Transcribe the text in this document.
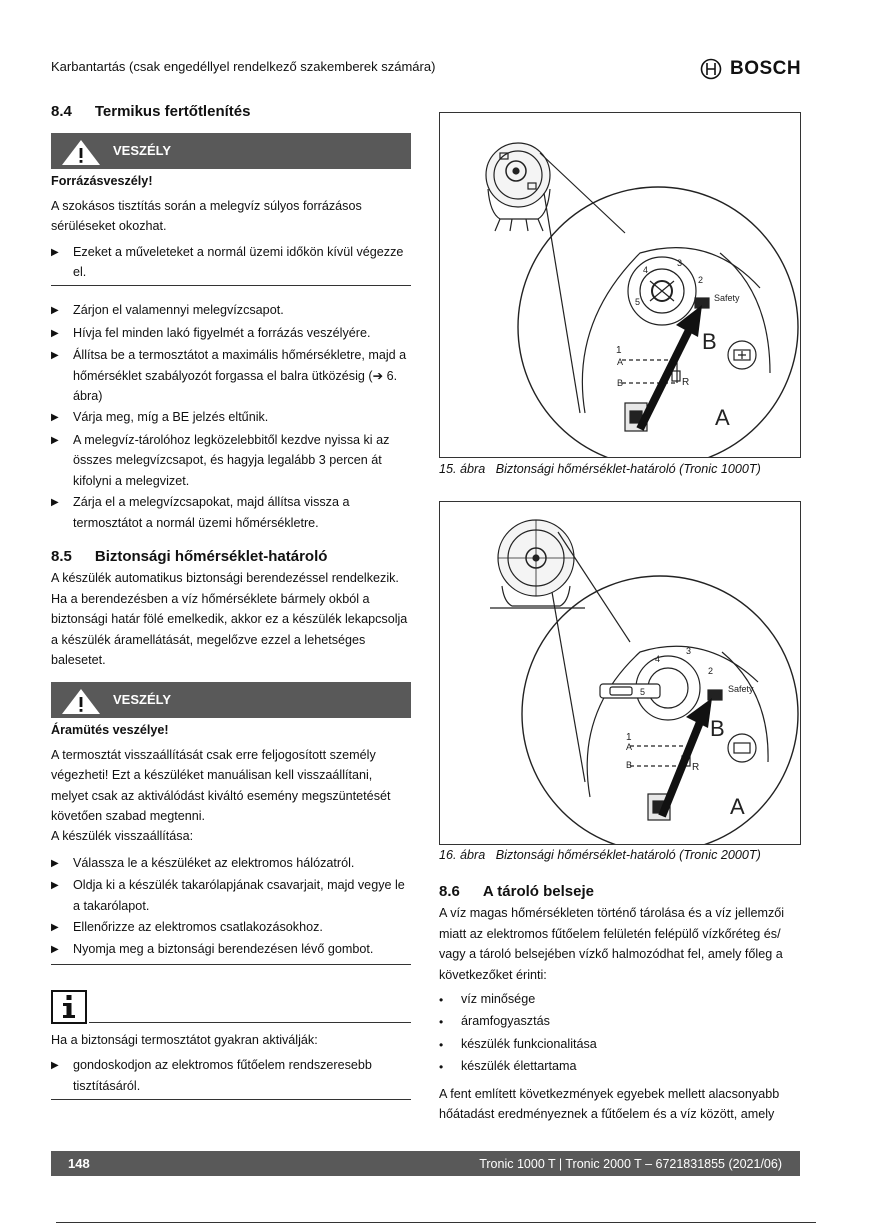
Karbantartás (csak engedéllyel rendelkező szakemberek számára)	BOSCH
8.4 Termikus fertőtlenítés
VESZÉLY

Forrázásveszély!

A szokásos tisztítás során a melegvíz súlyos forrázásos sérüléseket okozhat.

▶	Ezeket a műveleteket a normál üzemi időkön kívül végezze el.
▶	Zárjon el valamennyi melegvízcsapot.
▶	Hívja fel minden lakó figyelmét a forrázás veszélyére.
▶	Állítsa be a termosztátot a maximális hőmérsékletre, majd a hőmérséklet szabályozót forgassa el balra ütközésig (➔ 6. ábra)
▶	Várja meg, míg a BE jelzés eltűnik.
▶	A melegvíz-tárolóhoz legközelebbitől kezdve nyissa ki az összes melegvízcsapot, és hagyja legalább 3 percen át kifolyni a melegvizet.
▶	Zárja el a melegvízcsapokat, majd állítsa vissza a termosztátot a normál üzemi hőmérsékletre.
8.5 Biztonsági hőmérséklet-határoló

A készülék automatikus biztonsági berendezéssel rendelkezik. Ha a berendezésben a víz hőmérséklete bármely okból a biztonsági határ fölé emelkedik, akkor ez a készülék lekapcsolja a készülék áramellátását, megelőzve ezzel a lehetséges balesetet.

VESZÉLY

Áramütés veszélye!

A termosztát visszaállítását csak erre feljogosított személy végezheti! Ezt a készüléket manuálisan kell visszaállítani, melyet csak az aktiválódást kiváltó esemény megszüntetését követően szabad megtenni.

A készülék visszaállítása:

▶	Válassza le a készüléket az elektromos hálózatról.
▶	Oldja ki a készülék takarólapjának csavarjait, majd vegye le a takarólapot.
▶	Ellenőrizze az elektromos csatlakozásokhoz.
▶	Nyomja meg a biztonsági berendezésen lévő gombot.

Ha a biztonsági termosztátot gyakran aktiválják:

▶	gondoskodjon az elektromos fűtőelem rendszeresebb tisztításáról.
4
3
2
5	Safety
1
A
B	R
B
A
15. ábra Biztonsági hőmérséklet-határoló (Tronic 1000T)
4
3
2
5	Safety
1
A
B	R
B
A
16. ábra Biztonsági hőmérséklet-határoló (Tronic 2000T)
8.6 A tároló belseje

A víz magas hőmérsékleten történő tárolása és a víz jellemzői miatt az elektromos fűtőelem felületén felépülő vízkőréteg és/ vagy a tároló belsejében vízkő halmozódhat fel, amely főleg a következőket érinti:

•	víz minősége
•	áramfogyasztás
•	készülék funkcionalitása
•	készülék élettartama

A fent említett következmények egyebek mellett alacsonyabb hőátadást eredményeznek a fűtőelem és a víz között, amely

148	Tronic 1000 T | Tronic 2000 T – 6721831855 (2021/06)
